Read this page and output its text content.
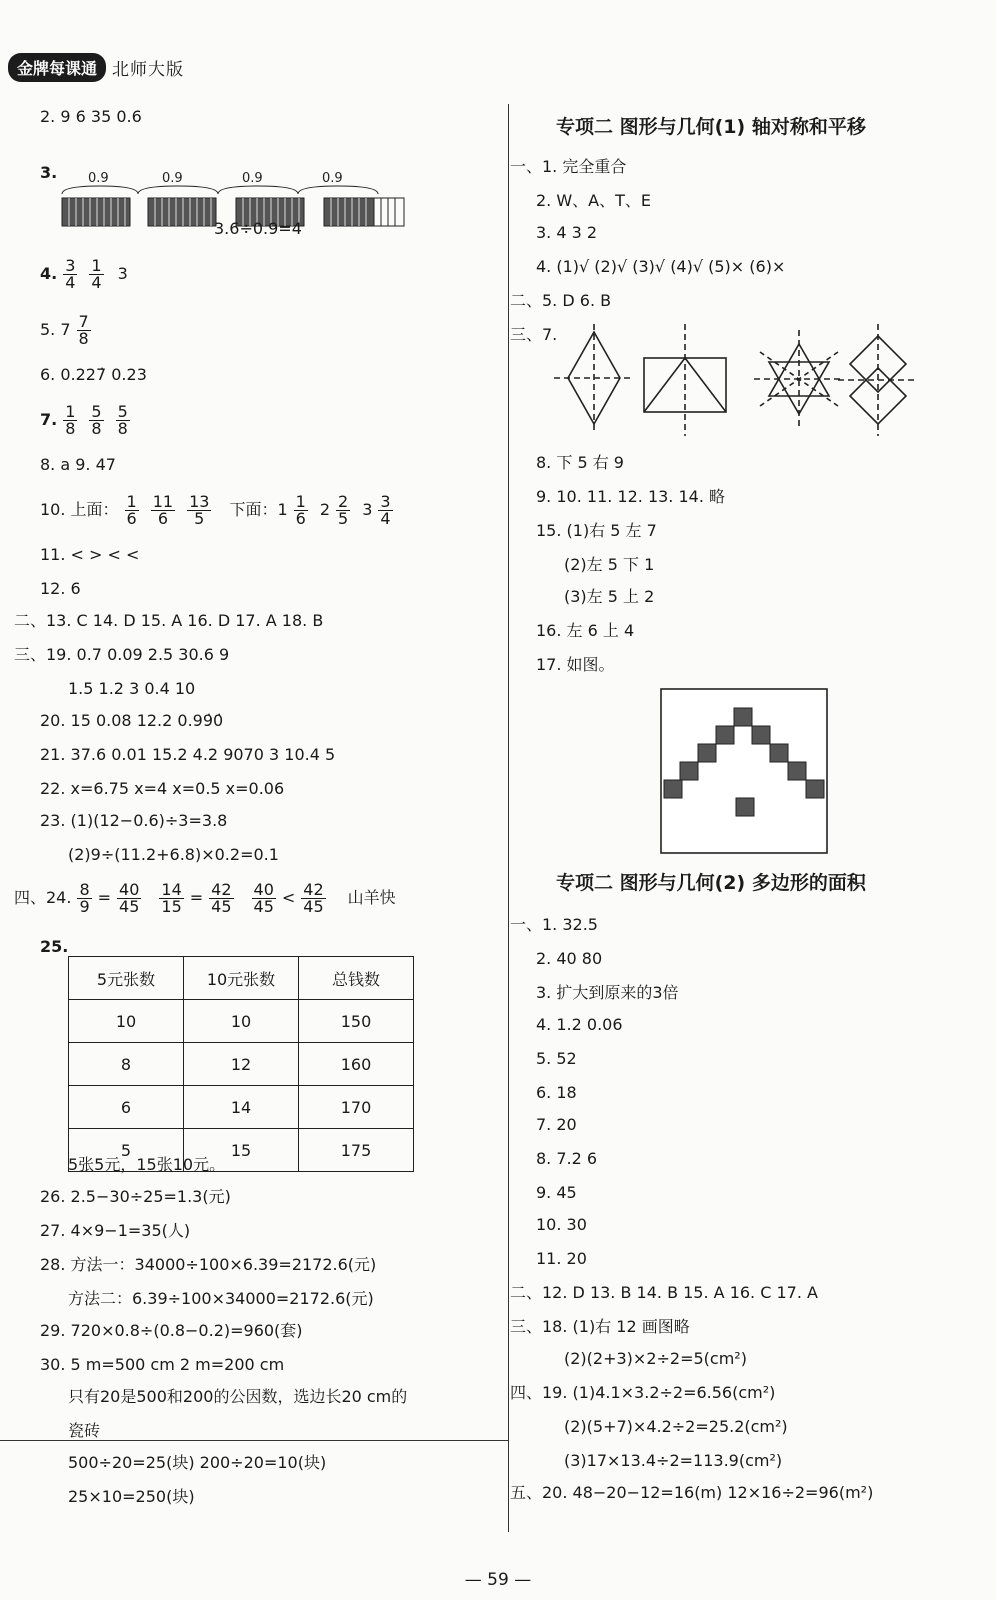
金牌每课通 北师大版
2. 9 6 35 0.6
3. 0.9	0.9	0.9	0.9
3.6÷0.9=4
4. $\frac{3}{4} \frac{1}{4} 3$
5. $7 \frac{7}{8}$
6. 0.227̇ 0.23
7. $\frac{1}{8} \frac{5}{8} \frac{5}{8}$
8. a 9. 47
10. 上面： $\frac{1}{6} \frac{11}{6} \frac{13}{5}$ 下面：$1 \frac{1}{6} 2 \frac{2}{5} 3 \frac{3}{4}$
11. < > < <
12. 6
二、13. C 14. D 15. A 16. D 17. A 18. B
三、19. 0.7 0.09 2.5 30.6 9
1.5 1.2 3 0.4 10
20. 15 0.08 12.2 0.99̇0̇
21. 37.6 0.01 15.2 4.2 9070 3 10.4 5
22. x=6.75 x=4 x=0.5 x=0.06
23. (1)(12−0.6)÷3=3.8
(2)9÷(11.2+6.8)×0.2=0.1
四、24. $\frac{8}{9} = \frac{40}{45} \frac{14}{15} = \frac{42}{45} \frac{40}{45} < \frac{42}{45}$ 山羊快
25.
5元张数	10元张数	总钱数
10	10	150
8	12	160
6	14	170
5	15	175
5张5元，15张10元。
26. 2.5−30÷25=1.3(元)
27. 4×9−1=35(人)
28. 方法一：34000÷100×6.39=2172.6(元)
方法二：6.39÷100×34000=2172.6(元)
29. 720×0.8÷(0.8−0.2)=960(套)
30. 5 m=500 cm 2 m=200 cm
只有20是500和200的公因数，选边长20 cm的
瓷砖
500÷20=25(块) 200÷20=10(块)
25×10=250(块)
专项二 图形与几何(1) 轴对称和平移
一、1. 完全重合
2. W、A、T、E
3. 4 3 2
4. (1)√ (2)√ (3)√ (4)√ (5)× (6)×
二、5. D 6. B
三、7.
8. 下 5 右 9
9. 10. 11. 12. 13. 14. 略
15. (1)右 5 左 7
(2)左 5 下 1
(3)左 5 上 2
16. 左 6 上 4
17. 如图。
专项二 图形与几何(2) 多边形的面积
一、1. 32.5
2. 40 80
3. 扩大到原来的3倍
4. 1.2 0.06
5. 52
6. 18
7. 20
8. 7.2 6
9. 45
10. 30
11. 20
二、12. D 13. B 14. B 15. A 16. C 17. A
三、18. (1)右 12 画图略
(2)(2+3)×2÷2=5(cm²)
四、19. (1)4.1×3.2÷2=6.56(cm²)
(2)(5+7)×4.2÷2=25.2(cm²)
(3)17×13.4÷2=113.9(cm²)
五、20. 48−20−12=16(m) 12×16÷2=96(m²)
— 59 —
